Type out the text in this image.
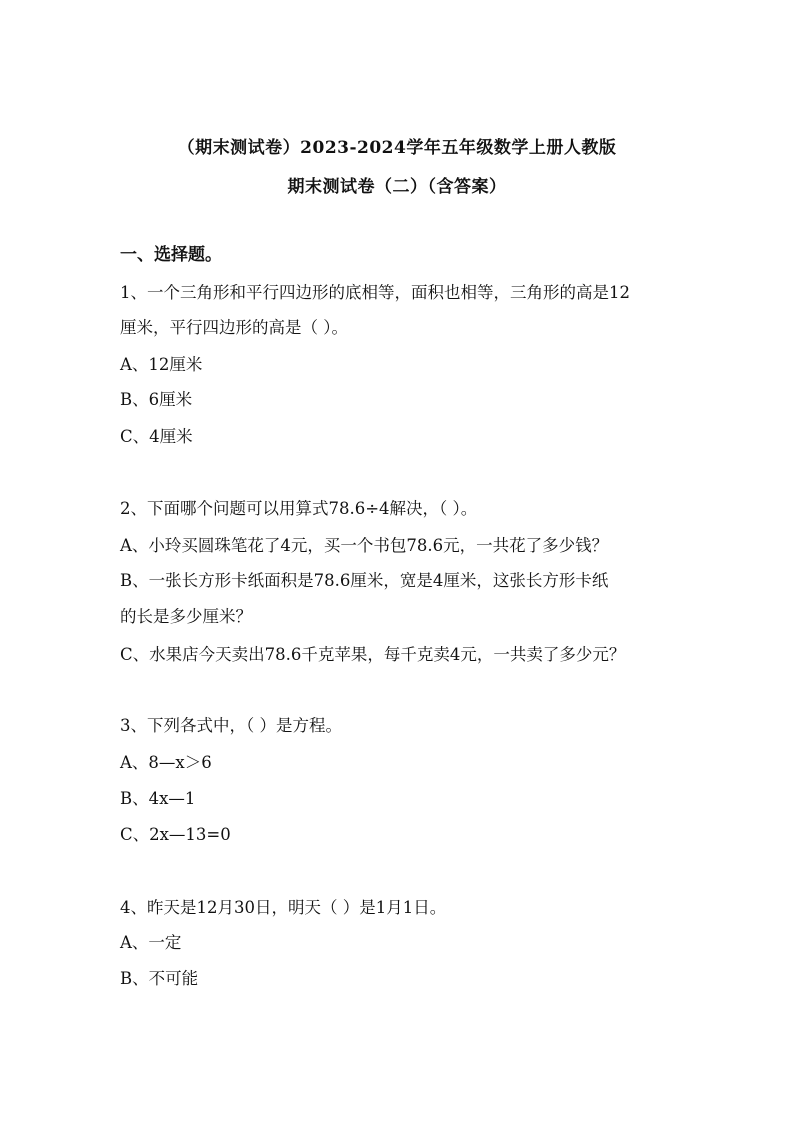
（期末测试卷）2023-2024学年五年级数学上册人教版
期末测试卷（二）（含答案）
一、选择题。
1、一个三角形和平行四边形的底相等，面积也相等，三角形的高是12
厘米，平行四边形的高是（ ）。
A、12厘米
B、6厘米
C、4厘米
2、下面哪个问题可以用算式78.6÷4解决，（ ）。
A、小玲买圆珠笔花了4元，买一个书包78.6元，一共花了多少钱？
B、一张长方形卡纸面积是78.6厘米，宽是4厘米，这张长方形卡纸
的长是多少厘米？
C、水果店今天卖出78.6千克苹果，每千克卖4元，一共卖了多少元？
3、下列各式中，（ ）是方程。
A、8—x＞6
B、4x—1
C、2x—13=0
4、昨天是12月30日，明天（ ）是1月1日。
A、一定
B、不可能
